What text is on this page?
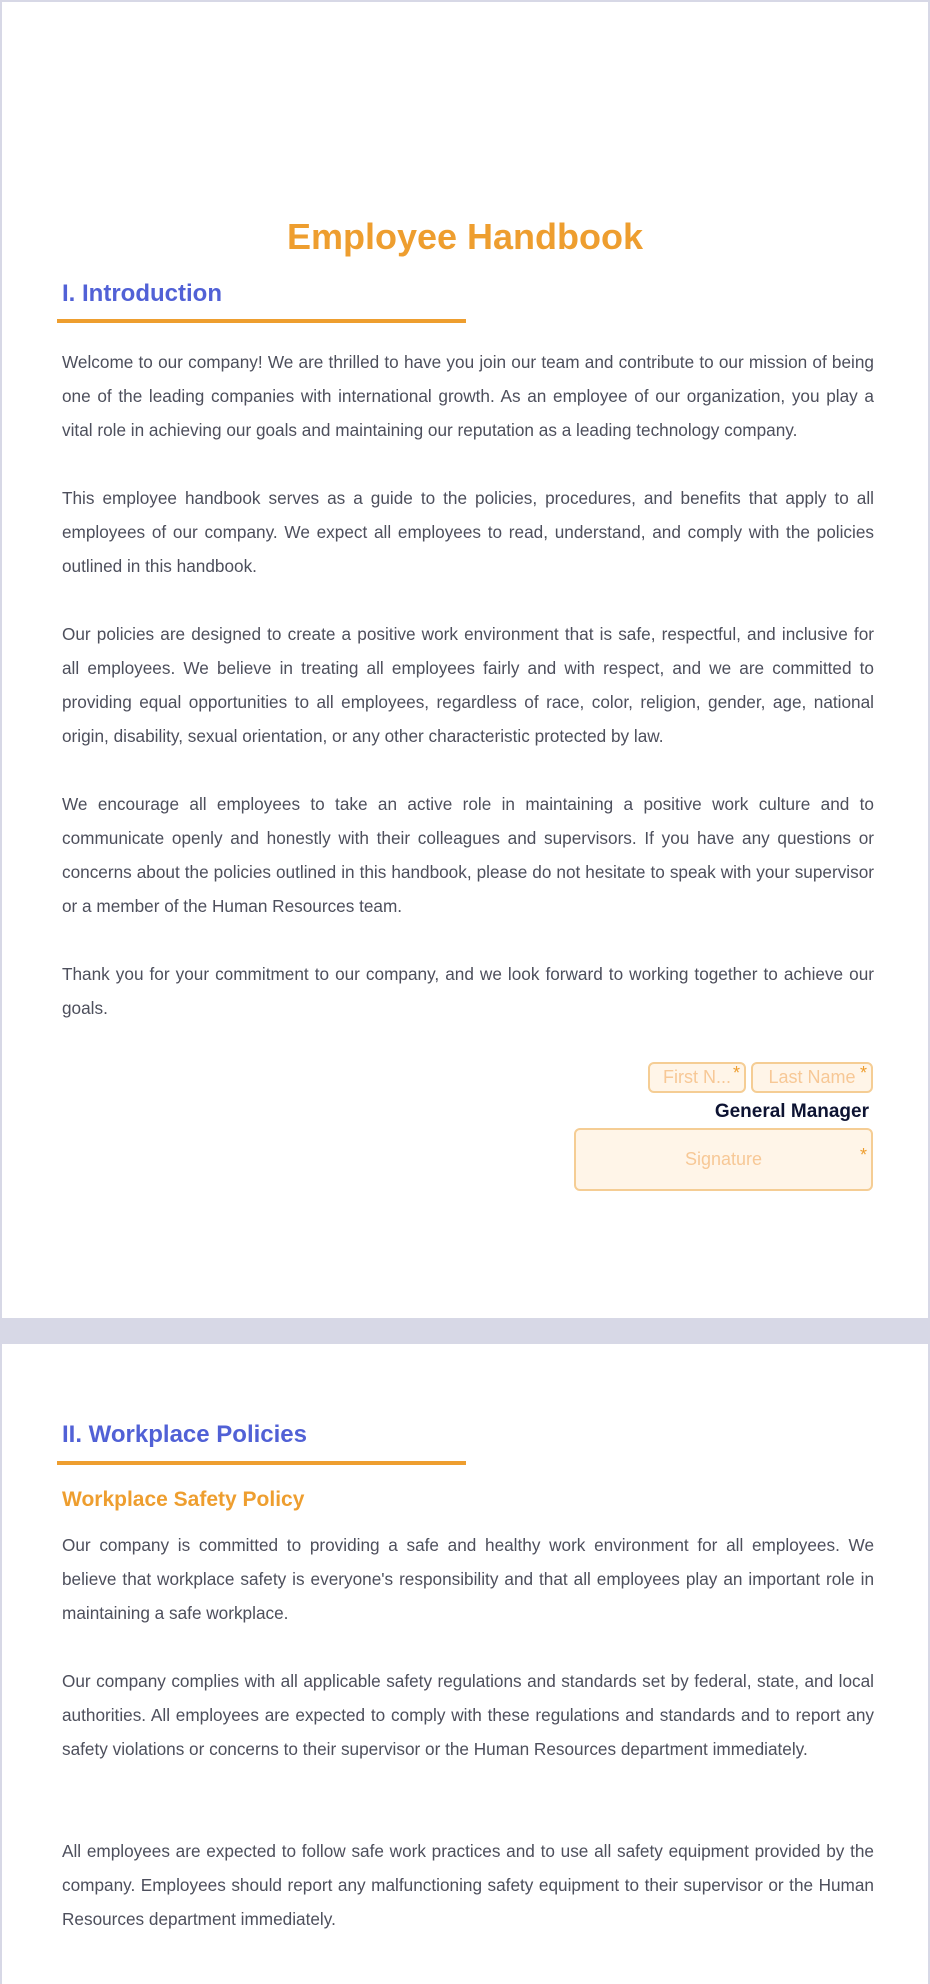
Employee Handbook
I. Introduction

Welcome to our company! We are thrilled to have you join our team and contribute to our mission of being one of the leading companies with international growth. As an employee of our organization, you play a vital role in achieving our goals and maintaining our reputation as a leading technology company.

This employee handbook serves as a guide to the policies, procedures, and benefits that apply to all employees of our company. We expect all employees to read, understand, and comply with the policies outlined in this handbook.

Our policies are designed to create a positive work environment that is safe, respectful, and inclusive for all employees. We believe in treating all employees fairly and with respect, and we are committed to providing equal opportunities to all employees, regardless of race, color, religion, gender, age, national origin, disability, sexual orientation, or any other characteristic protected by law.

We encourage all employees to take an active role in maintaining a positive work culture and to communicate openly and honestly with their colleagues and supervisors. If you have any questions or concerns about the policies outlined in this handbook, please do not hesitate to speak with your supervisor or a member of the Human Resources team.

Thank you for your commitment to our company, and we look forward to working together to achieve our goals.

First N... *	Last Name *
General Manager
Signature	*
II. Workplace Policies
Workplace Safety Policy

Our company is committed to providing a safe and healthy work environment for all employees. We believe that workplace safety is everyone's responsibility and that all employees play an important role in maintaining a safe workplace.

Our company complies with all applicable safety regulations and standards set by federal, state, and local authorities. All employees are expected to comply with these regulations and standards and to report any safety violations or concerns to their supervisor or the Human Resources department immediately.

All employees are expected to follow safe work practices and to use all safety equipment provided by the company. Employees should report any malfunctioning safety equipment to their supervisor or the Human Resources department immediately.
